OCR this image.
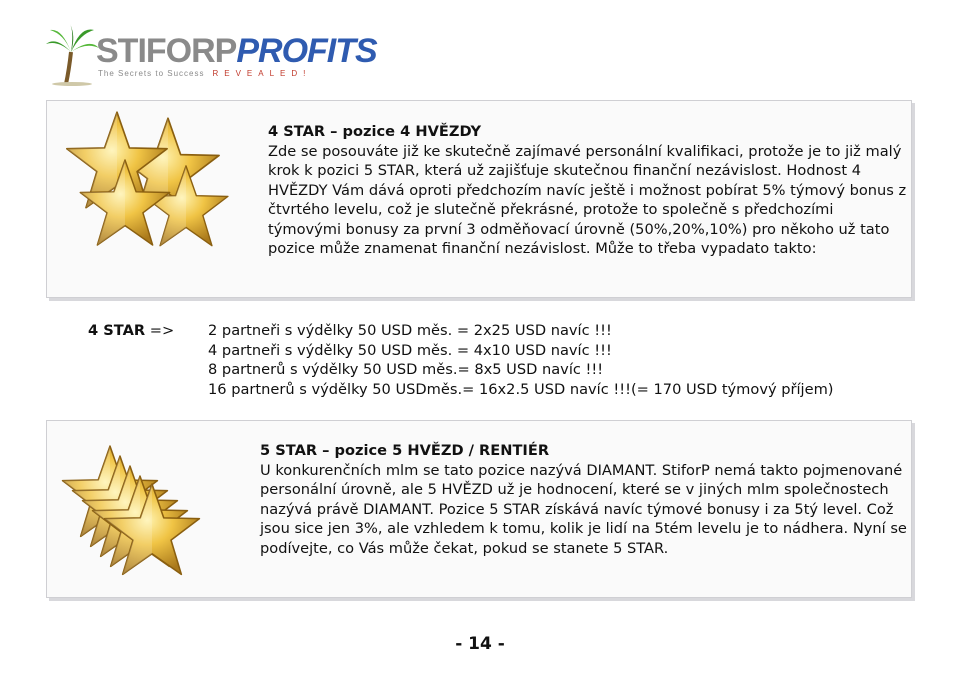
STIFORPPROFITS
The Secrets to Success REVEALED!
4 STAR – pozice 4 HVĚZDY
Zde se posouváte již ke skutečně zajímavé personální kvalifikaci, protože je to již malý krok k pozici 5 STAR, která už zajišťuje skutečnou finanční nezávislost. Hodnost 4 HVĚZDY Vám dává oproti předchozím navíc ještě i možnost pobírat 5% týmový bonus z čtvrtého levelu, což je slutečně překrásné, protože to společně s předchozími týmovými bonusy za první 3 odměňovací úrovně (50%,20%,10%) pro někoho už tato pozice může znamenat finanční nezávislost. Může to třeba vypadato takto:
4 STAR => 2 partneři s výdělky 50 USD měs. = 2x25 USD navíc !!!
4 partneři s výdělky 50 USD měs. = 4x10 USD navíc !!!
8 partnerů s výdělky 50 USD měs.= 8x5 USD navíc !!!
16 partnerů s výdělky 50 USDměs.= 16x2.5 USD navíc !!!(= 170 USD týmový příjem)
5 STAR – pozice 5 HVĚZD / RENTIÉR
U konkurenčních mlm se tato pozice nazývá DIAMANT. StiforP nemá takto pojmenované personální úrovně, ale 5 HVĚZD už je hodnocení, které se v jiných mlm společnostech nazývá právě DIAMANT. Pozice 5 STAR získává navíc týmové bonusy i za 5tý level. Což jsou sice jen 3%, ale vzhledem k tomu, kolik je lidí na 5tém levelu je to nádhera. Nyní se podívejte, co Vás může čekat, pokud se stanete 5 STAR.
- 14 -
